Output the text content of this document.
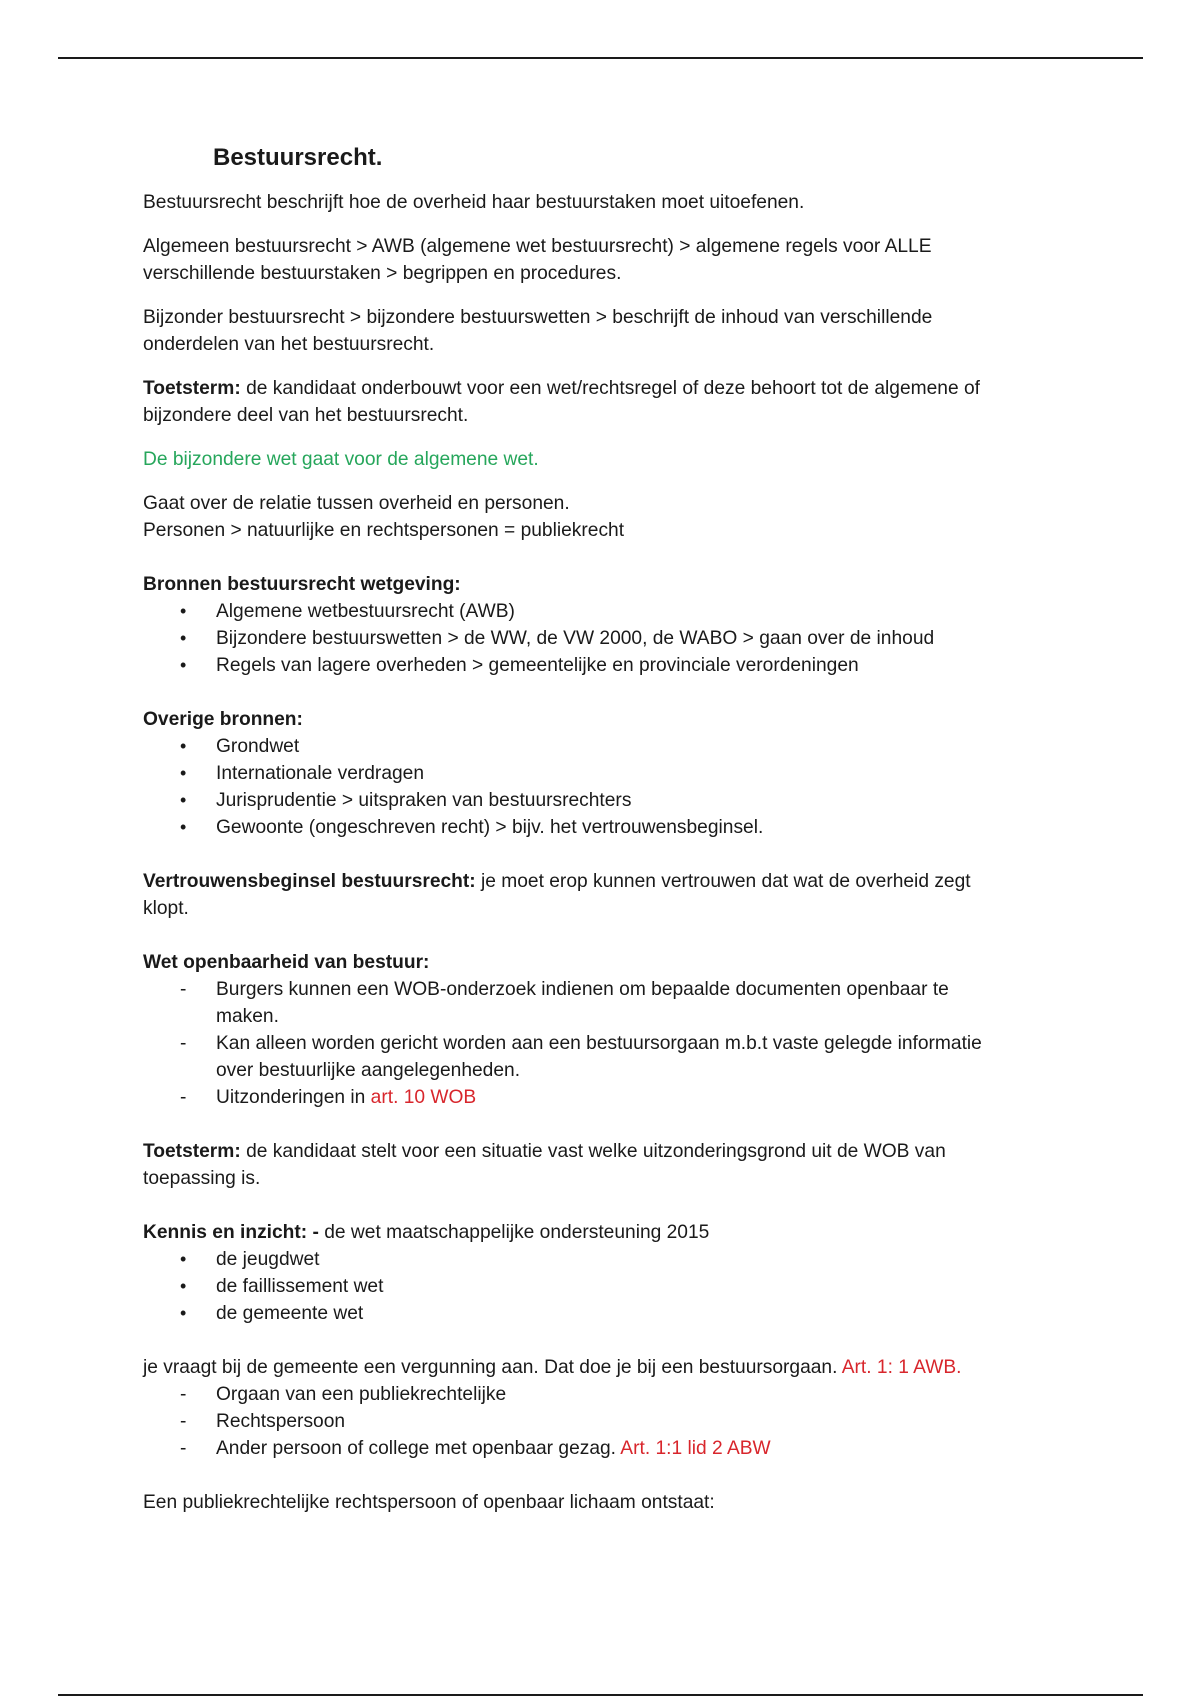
Bestuursrecht.

Bestuursrecht beschrijft hoe de overheid haar bestuurstaken moet uitoefenen.

Algemeen bestuursrecht > AWB (algemene wet bestuursrecht) > algemene regels voor ALLE
verschillende bestuurstaken > begrippen en procedures.

Bijzonder bestuursrecht > bijzondere bestuurswetten > beschrijft de inhoud van verschillende
onderdelen van het bestuursrecht.

Toetsterm: de kandidaat onderbouwt voor een wet/rechtsregel of deze behoort tot de algemene of
bijzondere deel van het bestuursrecht.

De bijzondere wet gaat voor de algemene wet.

Gaat over de relatie tussen overheid en personen.
Personen > natuurlijke en rechtspersonen = publiekrecht

Bronnen bestuursrecht wetgeving:

•	Algemene wetbestuursrecht (AWB)
•	Bijzondere bestuurswetten > de WW, de VW 2000, de WABO > gaan over de inhoud
•	Regels van lagere overheden > gemeentelijke en provinciale verordeningen

Overige bronnen:

•	Grondwet
•	Internationale verdragen
•	Jurisprudentie > uitspraken van bestuursrechters
•	Gewoonte (ongeschreven recht) > bijv. het vertrouwensbeginsel.

Vertrouwensbeginsel bestuursrecht: je moet erop kunnen vertrouwen dat wat de overheid zegt
klopt.

Wet openbaarheid van bestuur:

-	Burgers kunnen een WOB-onderzoek indienen om bepaalde documenten openbaar te
maken.
-	Kan alleen worden gericht worden aan een bestuursorgaan m.b.t vaste gelegde informatie
over bestuurlijke aangelegenheden.
-	Uitzonderingen in art. 10 WOB

Toetsterm: de kandidaat stelt voor een situatie vast welke uitzonderingsgrond uit de WOB van
toepassing is.

Kennis en inzicht: - de wet maatschappelijke ondersteuning 2015

•	de jeugdwet
•	de faillissement wet
•	de gemeente wet

je vraagt bij de gemeente een vergunning aan. Dat doe je bij een bestuursorgaan. Art. 1: 1 AWB.

-	Orgaan van een publiekrechtelijke
-	Rechtspersoon
-	Ander persoon of college met openbaar gezag. Art. 1:1 lid 2 ABW

Een publiekrechtelijke rechtspersoon of openbaar lichaam ontstaat:
